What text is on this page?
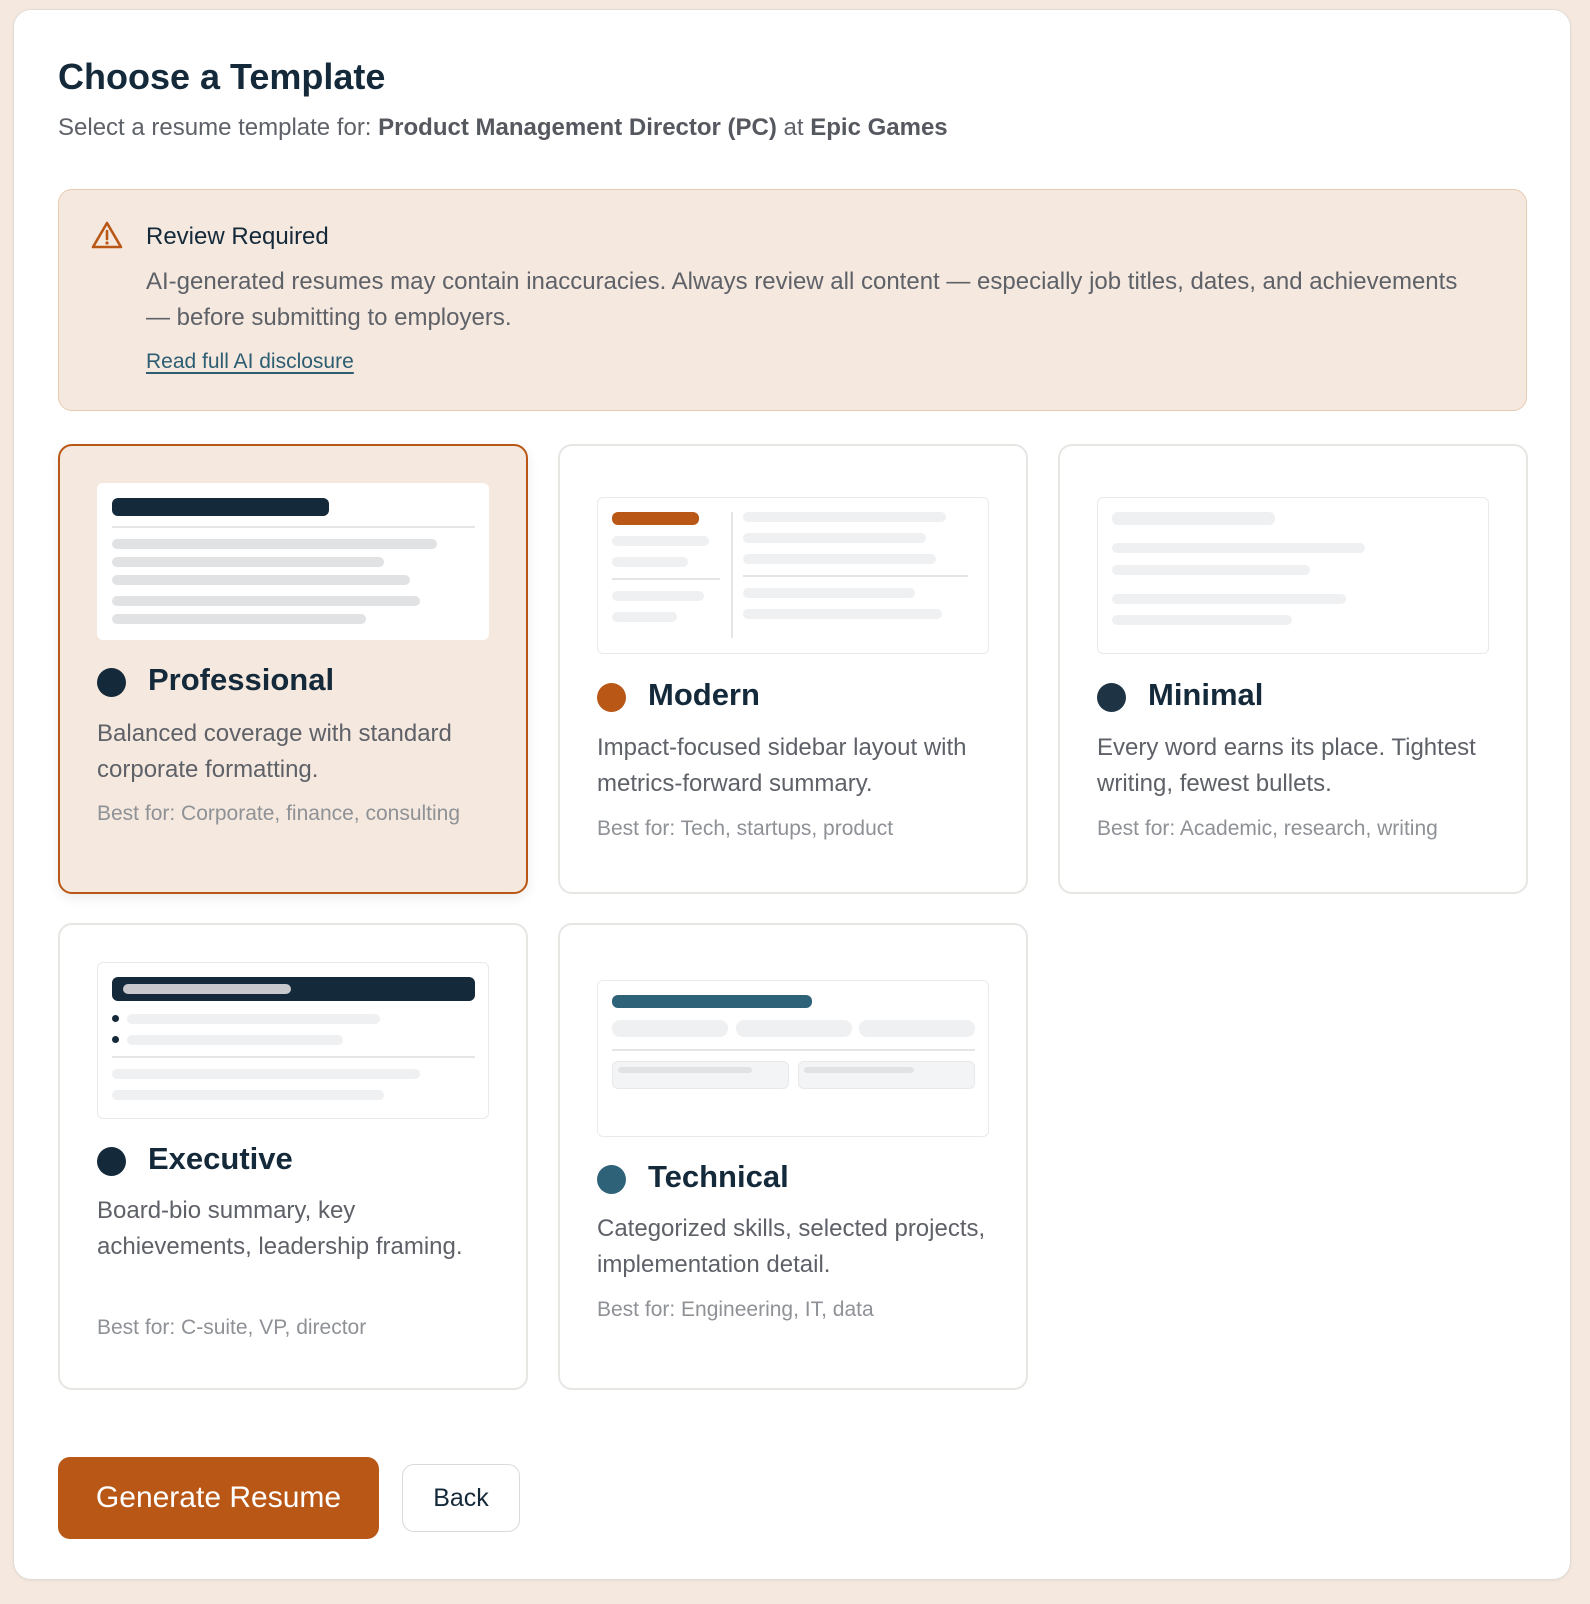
Choose a Template

Select a resume template for: Product Management Director (PC) at Epic Games

Review Required
AI-generated resumes may contain inaccuracies. Always review all content — especially job titles, dates, and achievements — before submitting to employers.
Read full AI disclosure
Professional
Balanced coverage with standard corporate formatting.
Best for: Corporate, finance, consulting
Modern
Impact-focused sidebar layout with metrics-forward summary.
Best for: Tech, startups, product
Minimal
Every word earns its place. Tightest writing, fewest bullets.
Best for: Academic, research, writing
Executive
Board-bio summary, key achievements, leadership framing.
Best for: C-suite, VP, director
Technical
Categorized skills, selected projects, implementation detail.
Best for: Engineering, IT, data
Generate Resume	Back
